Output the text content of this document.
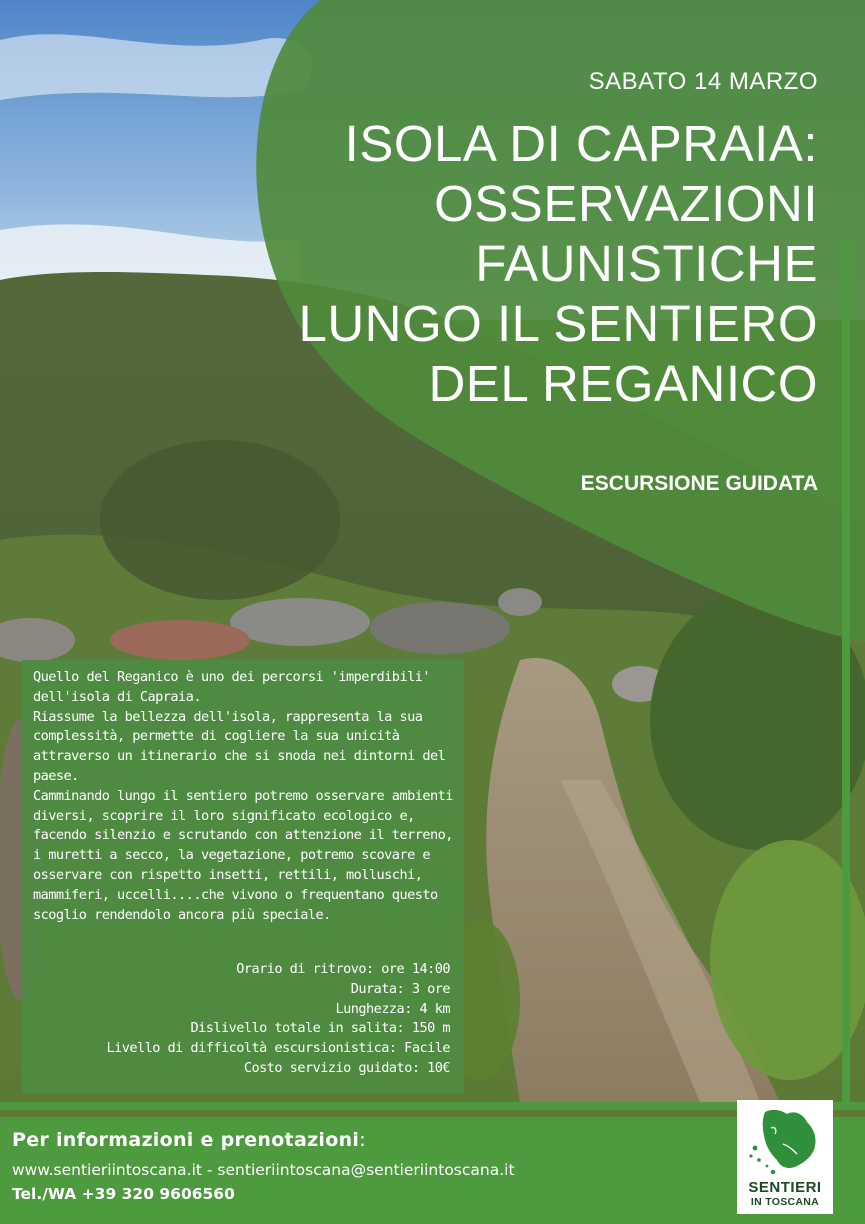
SABATO 14 MARZO
ISOLA DI CAPRAIA:
OSSERVAZIONI
FAUNISTICHE
LUNGO IL SENTIERO
DEL REGANICO
ESCURSIONE GUIDATA

Quello del Reganico è uno dei percorsi 'imperdibili' dell'isola di Capraia.

Riassume la bellezza dell'isola, rappresenta la sua complessità, permette di cogliere la sua unicità attraverso un itinerario che si snoda nei dintorni del paese.

Camminando lungo il sentiero potremo osservare ambienti diversi, scoprire il loro significato ecologico e, facendo silenzio e scrutando con attenzione il terreno, i muretti a secco, la vegetazione, potremo scovare e osservare con rispetto insetti, rettili, molluschi, mammiferi, uccelli....che vivono o frequentano questo scoglio rendendolo ancora più speciale.

Orario di ritrovo: ore 14:00
Durata: 3 ore
Lunghezza: 4 km
Dislivello totale in salita: 150 m
Livello di difficoltà escursionistica: Facile
Costo servizio guidato: 10€
Per informazioni e prenotazioni:
www.sentieriintoscana.it - sentieriintoscana@sentieriintoscana.it
Tel./WA +39 320 9606560	SENTIERI
IN TOSCANA
